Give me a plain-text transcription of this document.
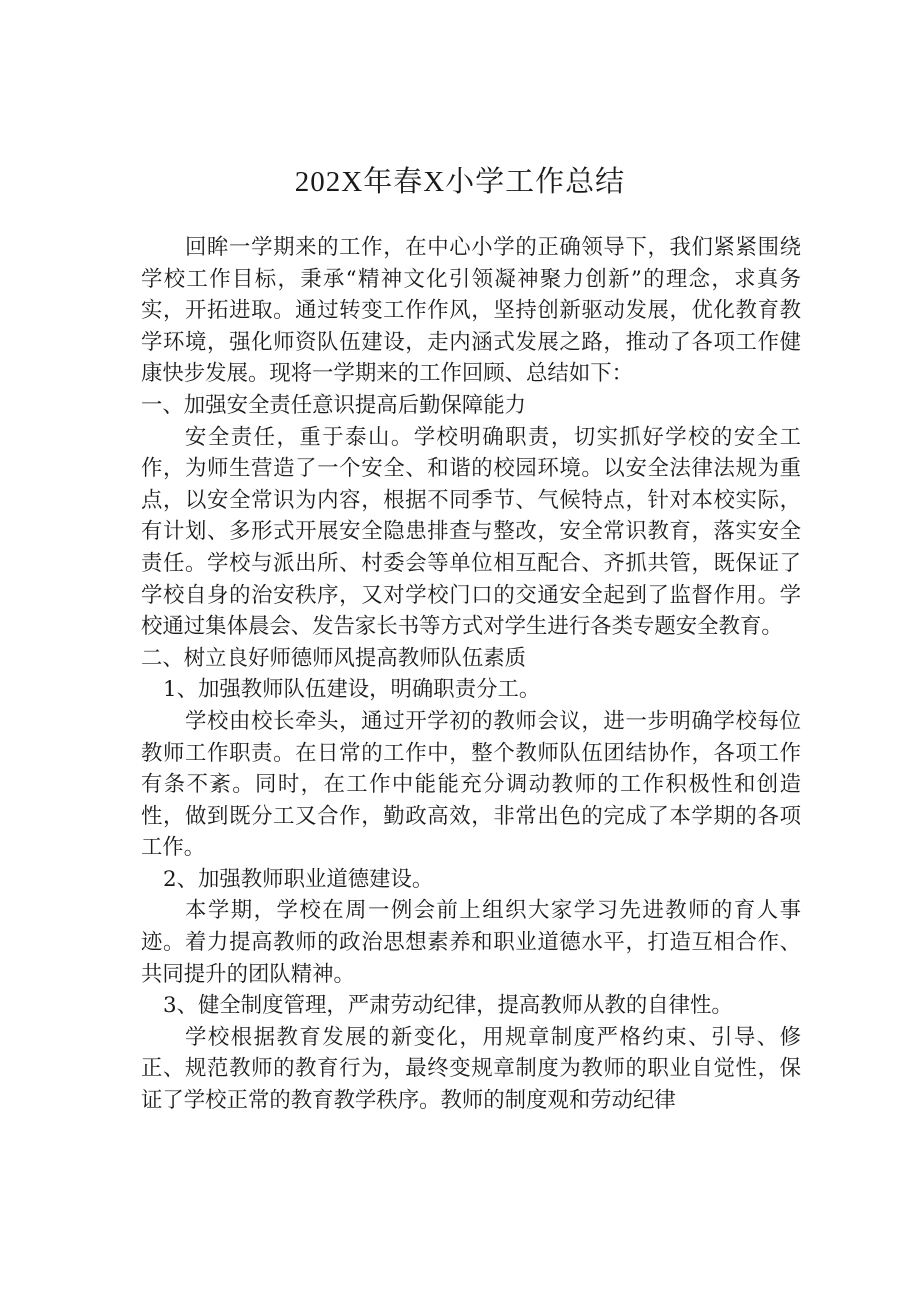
202X年春X小学工作总结

回眸一学期来的工作，在中心小学的正确领导下，我们紧紧围绕学校工作目标，秉承“精神文化引领凝神聚力创新”的理念，求真务实，开拓进取。通过转变工作作风，坚持创新驱动发展，优化教育教学环境，强化师资队伍建设，走内涵式发展之路，推动了各项工作健康快步发展。现将一学期来的工作回顾、总结如下：

一、加强安全责任意识提高后勤保障能力

安全责任，重于泰山。学校明确职责，切实抓好学校的安全工作，为师生营造了一个安全、和谐的校园环境。以安全法律法规为重点，以安全常识为内容，根据不同季节、气候特点，针对本校实际，有计划、多形式开展安全隐患排查与整改，安全常识教育，落实安全责任。学校与派出所、村委会等单位相互配合、齐抓共管，既保证了学校自身的治安秩序，又对学校门口的交通安全起到了监督作用。学校通过集体晨会、发告家长书等方式对学生进行各类专题安全教育。

二、树立良好师德师风提高教师队伍素质

1、加强教师队伍建设，明确职责分工。

学校由校长牵头，通过开学初的教师会议，进一步明确学校每位教师工作职责。在日常的工作中，整个教师队伍团结协作，各项工作有条不紊。同时，在工作中能能充分调动教师的工作积极性和创造性，做到既分工又合作，勤政高效，非常出色的完成了本学期的各项工作。

2、加强教师职业道德建设。

本学期，学校在周一例会前上组织大家学习先进教师的育人事迹。着力提高教师的政治思想素养和职业道德水平，打造互相合作、共同提升的团队精神。

3、健全制度管理，严肃劳动纪律，提高教师从教的自律性。

学校根据教育发展的新变化，用规章制度严格约束、引导、修正、规范教师的教育行为，最终变规章制度为教师的职业自觉性，保证了学校正常的教育教学秩序。教师的制度观和劳动纪律
